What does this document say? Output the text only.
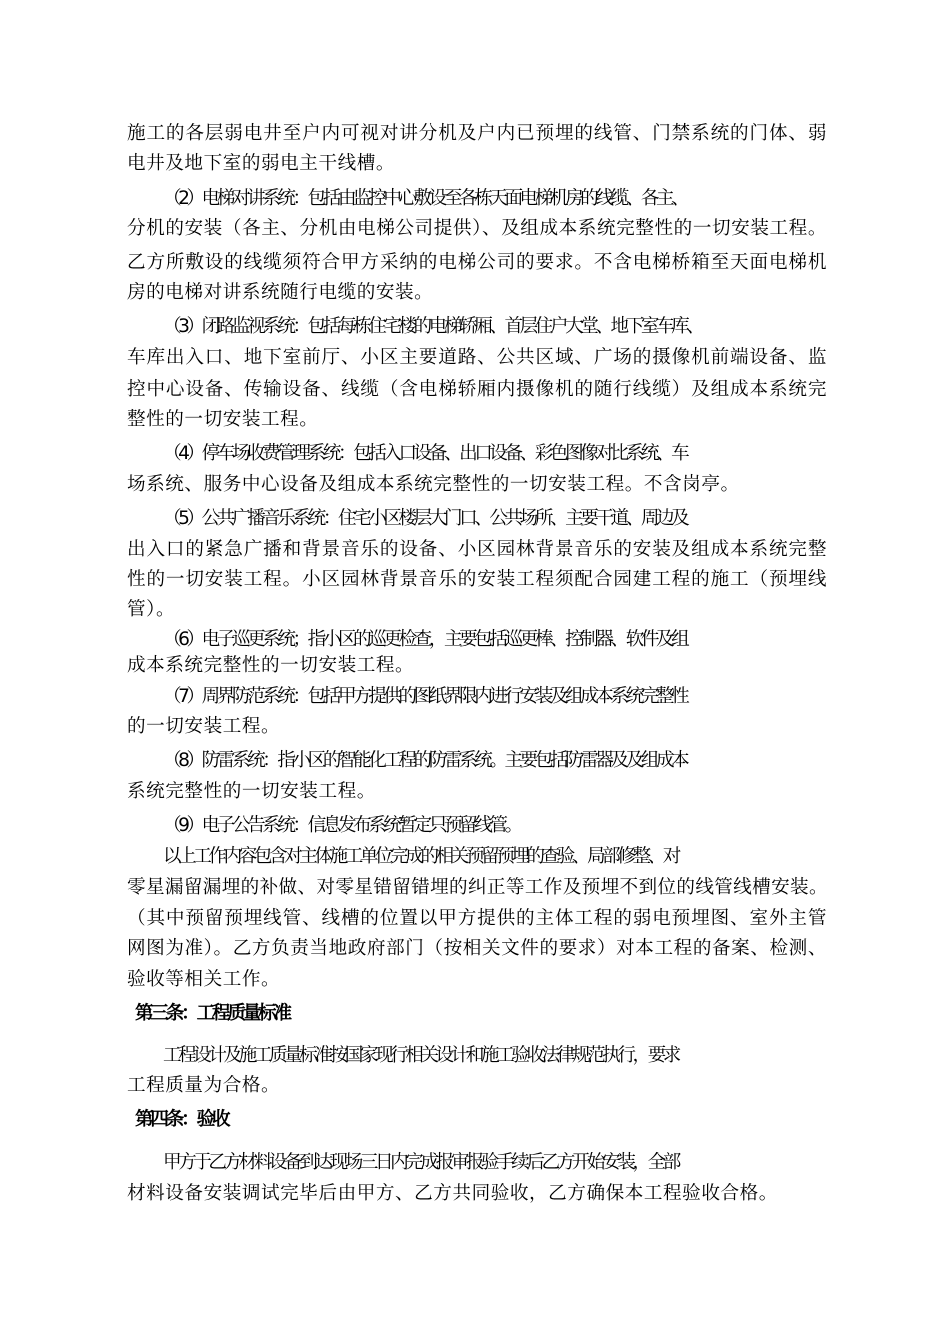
施工的各层弱电井至户内可视对讲分机及户内已预埋的线管、门禁系统的门体、弱
电井及地下室的弱电主干线槽。
（2）电梯对讲系统：包括由监控中心敷设至各栋天面电梯机房的线缆、各主、
分机的安装（各主、分机由电梯公司提供）、及组成本系统完整性的一切安装工程。
乙方所敷设的线缆须符合甲方采纳的电梯公司的要求。不含电梯桥箱至天面电梯机
房的电梯对讲系统随行电缆的安装。
（3）闭路监视系统：包括每栋住宅楼的电梯轿厢、首层住户大堂、地下室车库、
车库出入口、地下室前厅、小区主要道路、公共区域、广场的摄像机前端设备、监
控中心设备、传输设备、线缆（含电梯轿厢内摄像机的随行线缆）及组成本系统完
整性的一切安装工程。
（4）停车场收费管理系统：包括入口设备、出口设备、彩色图像对比系统、车
场系统、服务中心设备及组成本系统完整性的一切安装工程。不含岗亭。
（5）公共广播音乐系统：住宅小区楼层大门口、公共场所、主要干道、周边及
出入口的紧急广播和背景音乐的设备、小区园林背景音乐的安装及组成本系统完整
性的一切安装工程。小区园林背景音乐的安装工程须配合园建工程的施工（预埋线
管）。
（6）电子巡更系统；指小区的巡更检查，主要包括巡更棒、控制器、软件及组
成本系统完整性的一切安装工程。
（7）周界防范系统：包括甲方提供的图纸界限内进行安装及组成本系统完整性
的一切安装工程。
（8）防雷系统：指小区的智能化工程的防雷系统。主要包括防雷器及及组成本
系统完整性的一切安装工程。
（9）电子公告系统：信息发布系统暂定只预留线管。
以上工作内容包含对主体施工单位完成的相关预留预埋的查验、局部修整、对
零星漏留漏埋的补做、对零星错留错埋的纠正等工作及预埋不到位的线管线槽安装。
（其中预留预埋线管、线槽的位置以甲方提供的主体工程的弱电预埋图、室外主管
网图为准）。乙方负责当地政府部门（按相关文件的要求）对本工程的备案、检测、
验收等相关工作。
第三条：工程质量标准
工程设计及施工质量标准按国家现行相关设计和施工验收法律规范执行，要求
工程质量为合格。
第四条：验收
甲方于乙方材料设备到达现场三日内完成报审报验手续后乙方开始安装，全部
材料设备安装调试完毕后由甲方、乙方共同验收，乙方确保本工程验收合格。
